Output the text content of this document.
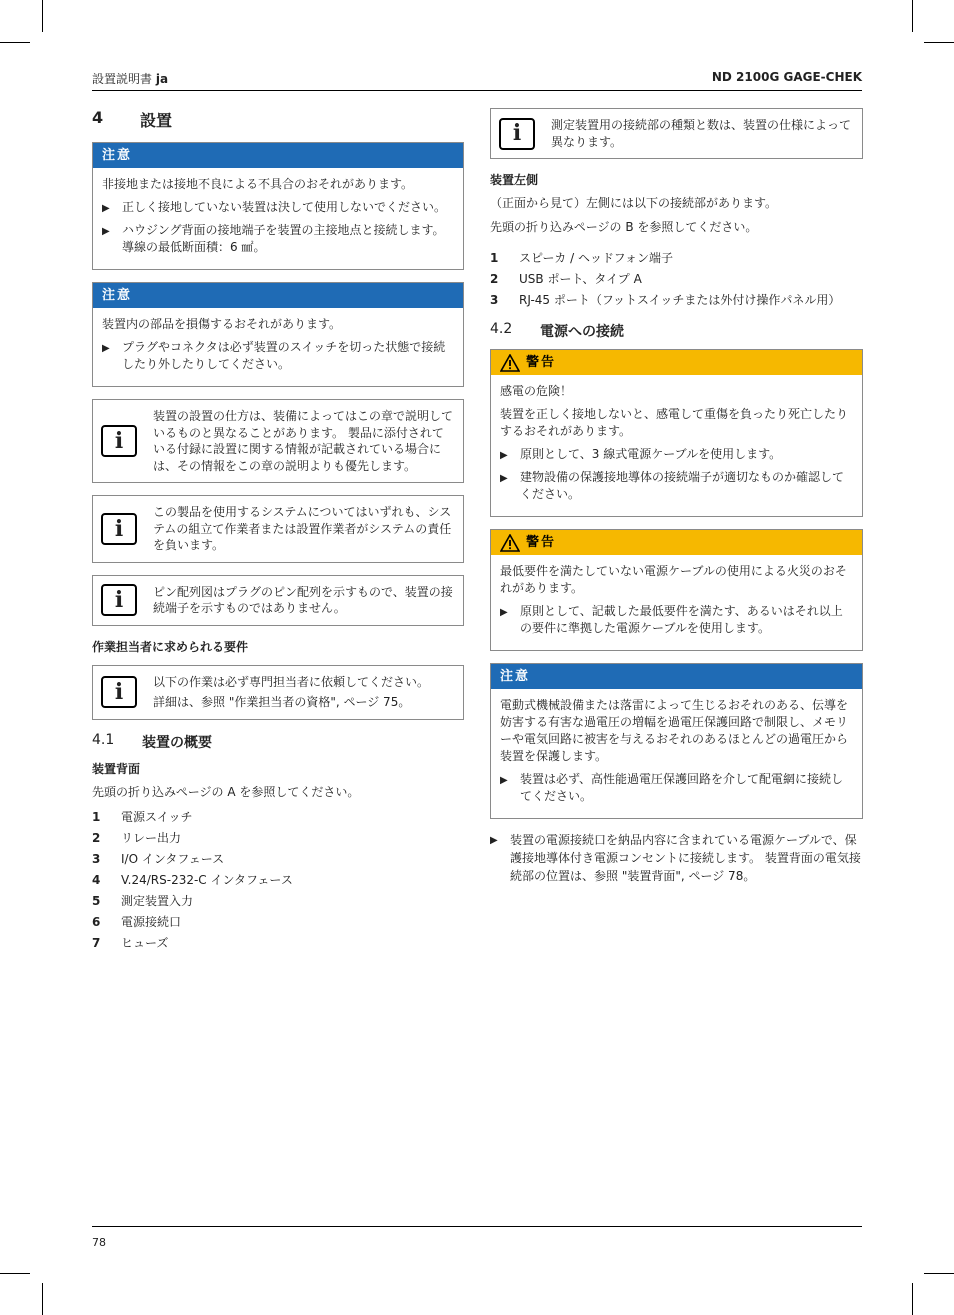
設置説明書 ja	ND 2100G GAGE-CHEK
4	設置
注意

非接地または接地不良による不具合のおそれがあります。

▶	正しく接地していない装置は決して使用しないでください。
▶	ハウジング背面の接地端子を装置の主接地点と接続します。
導線の最低断面積：6 ㎟。
注意

装置内の部品を損傷するおそれがあります。

▶	プラグやコネクタは必ず装置のスイッチを切った状態で接続したり外したりしてください。
i

装置の設置の仕方は、装備によってはこの章で説明しているものと異なることがあります。 製品に添付されている付録に設置に関する情報が記載されている場合には、その情報をこの章の説明よりも優先します。

i

この製品を使用するシステムについてはいずれも、システムの組立て作業者または設置作業者がシステムの責任を負います。

i	ピン配列図はプラグのピン配列を示すもので、装置の接続端子を示すものではありません。

作業担当者に求められる要件
i	以下の作業は必ず専門担当者に依頼してください。

詳細は、参照 "作業担当者の資格", ページ 75。

4.1	装置の概要
装置背面
先頭の折り込みページの A を参照してください。
1	電源スイッチ
2	リレー出力
3	I/O インタフェース
4	V.24/RS-232-C インタフェース
5	測定装置入力
6	電源接続口
7	ヒューズ
i	測定装置用の接続部の種類と数は、装置の仕様によって異なります。

装置左側
（正面から見て）左側には以下の接続部があります。
先頭の折り込みページの B を参照してください。
1	スピーカ / ヘッドフォン端子
2	USB ポート、タイプ A
3	RJ-45 ポート（フットスイッチまたは外付け操作パネル用）
4.2	電源への接続
警告

感電の危険！

装置を正しく接地しないと、感電して重傷を負ったり死亡したりするおそれがあります。

▶	原則として、3 線式電源ケーブルを使用します。
▶	建物設備の保護接地導体の接続端子が適切なものか確認してください。
警告

最低要件を満たしていない電源ケーブルの使用による火災のおそれがあります。

▶	原則として、記載した最低要件を満たす、あるいはそれ以上の要件に準拠した電源ケーブルを使用します。
注意

電動式機械設備または落雷によって生じるおそれのある、伝導を妨害する有害な過電圧の増幅を過電圧保護回路で制限し、メモリーや電気回路に被害を与えるおそれのあるほとんどの過電圧から装置を保護します。

▶	装置は必ず、高性能過電圧保護回路を介して配電網に接続してください。
▶	装置の電源接続口を納品内容に含まれている電源ケーブルで、保護接地導体付き電源コンセントに接続します。 装置背面の電気接続部の位置は、参照 "装置背面", ページ 78。
78
